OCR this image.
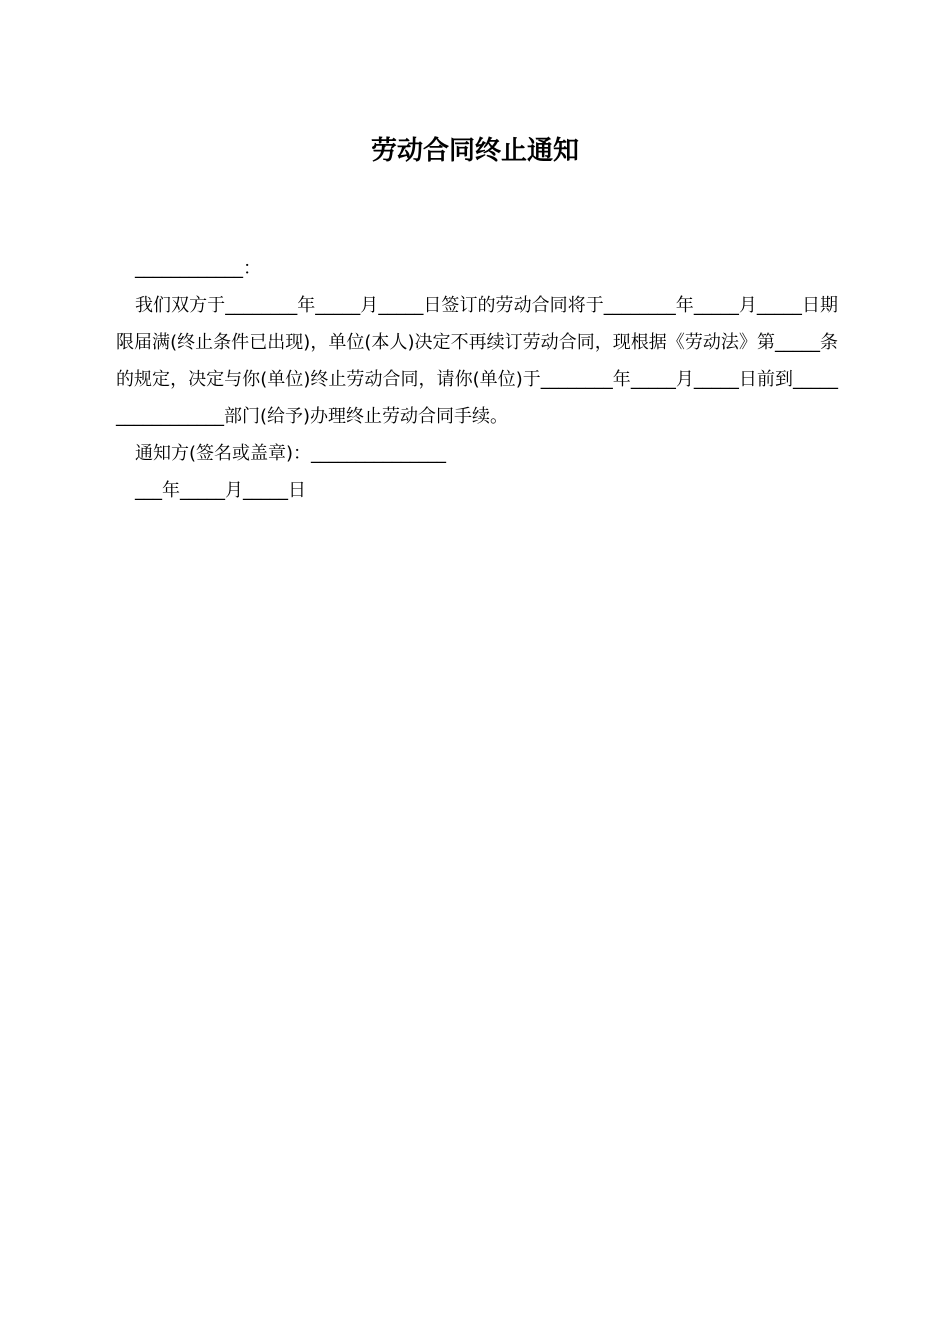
劳动合同终止通知

____________：

我们双方于________年_____月_____日签订的劳动合同将于________年_____月_____日期限届满(终止条件已出现)，单位(本人)决定不再续订劳动合同，现根据《劳动法》第_____条的规定，决定与你(单位)终止劳动合同，请你(单位)于________年_____月_____日前到_________________部门(给予)办理终止劳动合同手续。

通知方(签名或盖章)：_______________

___年_____月_____日
